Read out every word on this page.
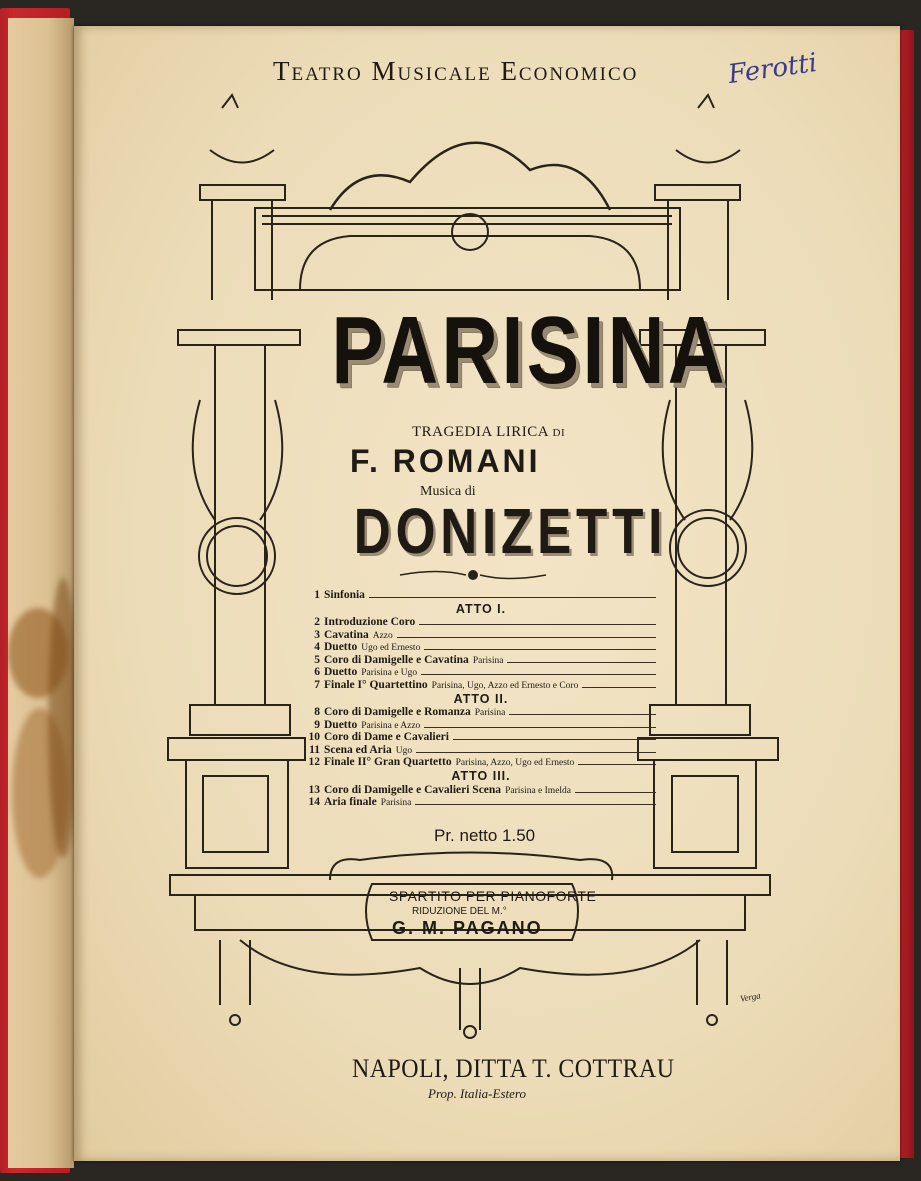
Teatro Musicale Economico	Ferotti
PARISINA
TRAGEDIA LIRICA di
F. ROMANI
Musica di
DONIZETTI
1 Sinfonia
ATTO I.
2 Introduzione Coro
3 Cavatina Azzo
4 Duetto Ugo ed Ernesto
5 Coro di Damigelle e Cavatina Parisina
6 Duetto Parisina e Ugo
7 Finale I° Quartettino Parisina, Ugo, Azzo ed Ernesto e Coro
ATTO II.
8 Coro di Damigelle e Romanza Parisina
9 Duetto Parisina e Azzo
10 Coro di Dame e Cavalieri
11 Scena ed Aria Ugo
12 Finale II° Gran Quartetto Parisina, Azzo, Ugo ed Ernesto
ATTO III.
13 Coro di Damigelle e Cavalieri Scena Parisina e Imelda
14 Aria finale Parisina
Pr. netto 1.50
SPARTITO PER PIANOFORTE
RIDUZIONE DEL M.°
G. M. PAGANO
Verga
NAPOLI, DITTA T. COTTRAU
Prop. Italia-Estero
